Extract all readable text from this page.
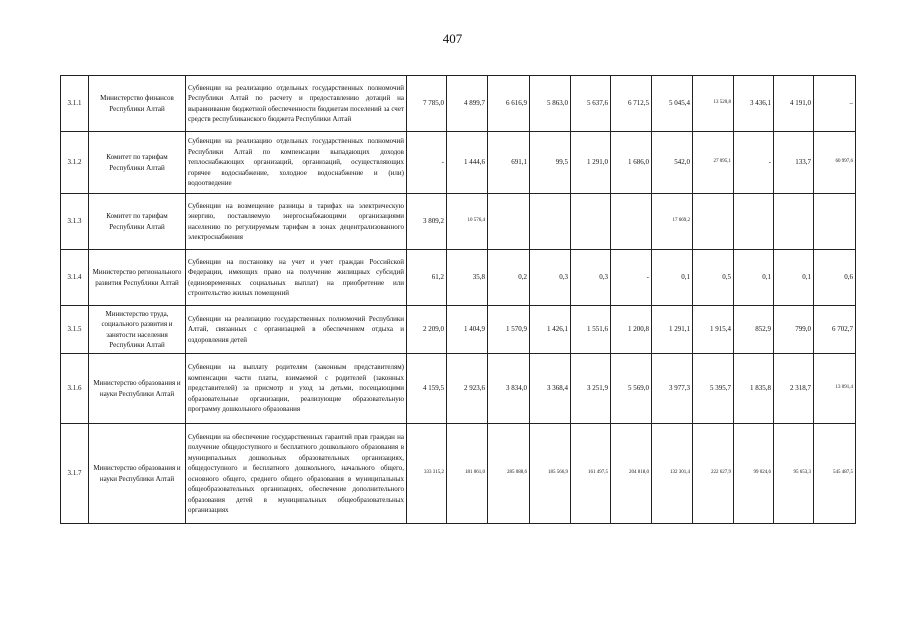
407
3.1.1	Министерство финансов Республики Алтай	Субвенции на реализацию отдельных государственных полномочий Республики Алтай по расчету и предоставлению дотаций на выравнивание бюджетной обеспеченности бюджетам поселений за счет средств республиканского бюджета Республики Алтай	7 785,0	4 899,7	6 616,9	5 863,0	5 637,6	6 712,5	5 045,4	13 520,8	3 436,1	4 191,0	–
3.1.2	Комитет по тарифам Республики Алтай	Субвенции на реализацию отдельных государственных полномочий Республики Алтай по компенсации выпадающих доходов теплоснабжающих организаций, организаций, осуществляющих горячее водоснабжение, холодное водоснабжение и (или) водоотведение	-	1 444,6	691,1	99,5	1 291,0	1 686,0	542,0	27 095,1	-	133,7	60 997,6
3.1.3	Комитет по тарифам Республики Алтай	Субвенции на возмещение разницы в тарифах на электрическую энергию, поставляемую энергоснабжающими организациями населению по регулируемым тарифам в зонах децентрализованного электроснабжения	3 809,2	10 576,4					17 669,2				
3.1.4	Министерство регионального развития Республики Алтай	Субвенции на постановку на учет и учет граждан Российской Федерации, имеющих право на получение жилищных субсидий (единовременных социальных выплат) на приобретение или строительство жилых помещений	61,2	35,8	0,2	0,3	0,3	-	0,1	0,5	0,1	0,1	0,6
3.1.5	Министерство труда, социального развития и занятости населения Республики Алтай	Субвенции на реализацию государственных полномочий Республики Алтай, связанных с организацией в обеспечением отдыха и оздоровления детей	2 209,0	1 404,9	1 570,9	1 426,1	1 551,6	1 200,8	1 291,1	1 915,4	852,9	799,0	6 702,7
3.1.6	Министерство образования и науки Республики Алтай	Субвенции на выплату родителям (законным представителям) компенсации части платы, взимаемой с родителей (законных представителей) за присмотр и уход за детьми, посещающими образовательные организации, реализующие образовательную программу дошкольного образования	4 159,5	2 923,6	3 834,0	3 368,4	3 251,9	5 569,0	3 977,3	5 395,7	1 835,8	2 318,7	13 091,4
3.1.7	Министерство образования и науки Республики Алтай	Субвенции на обеспечение государственных гарантий прав граждан на получение общедоступного и бесплатного дошкольного образования в муниципальных дошкольных образовательных организациях, общедоступного и бесплатного дошкольного, начального общего, основного общего, среднего общего образования в муниципальных общеобразовательных организациях, обеспечение дополнительного образования детей в муниципальных общеобразовательных организациях	333 315,2	181 061,0	285 088,6	185 566,9	161 497,5	204 818,0	132 301,4	222 627,9	99 024,6	95 653,3	545 487,5
